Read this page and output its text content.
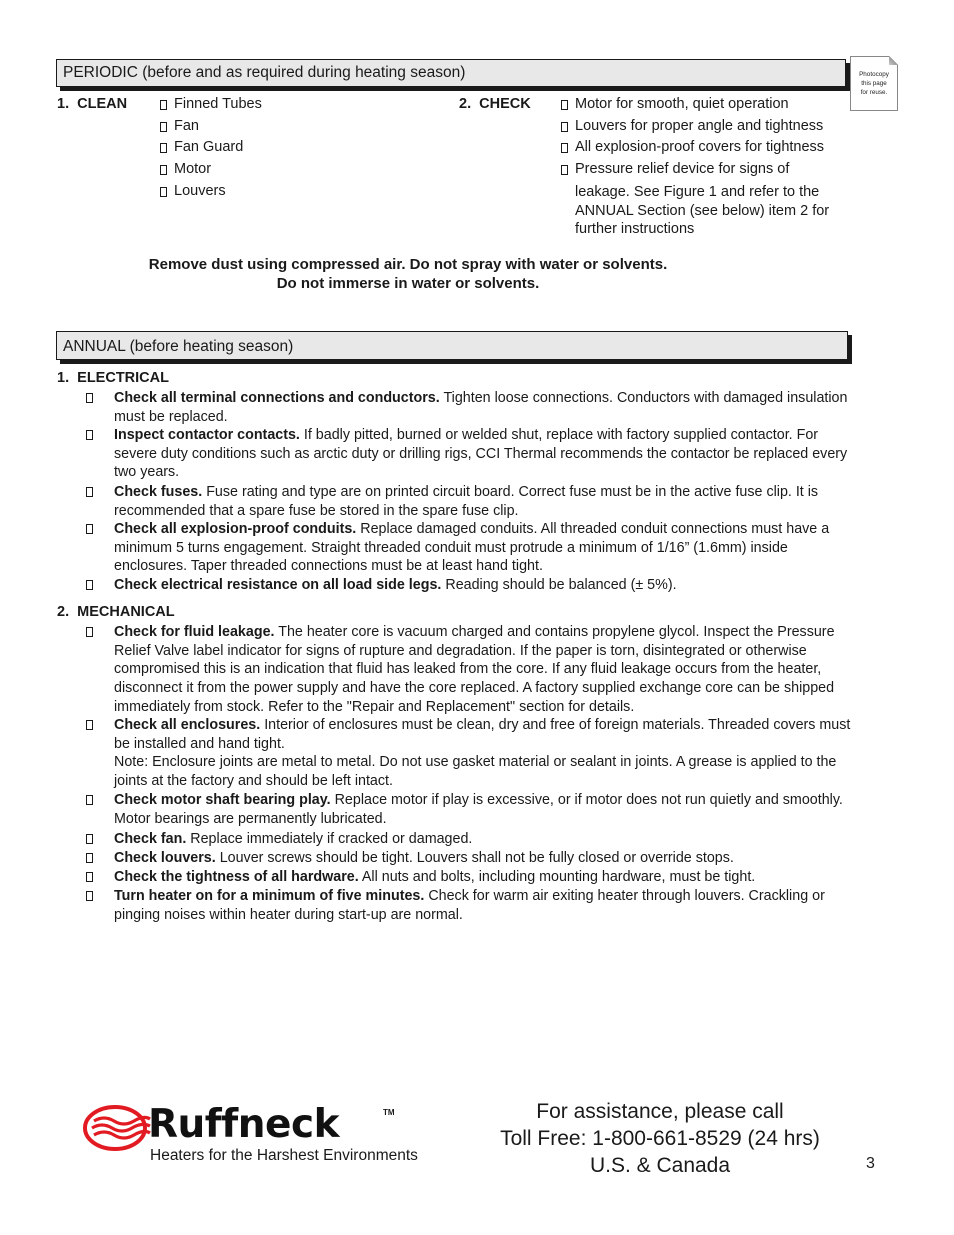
PERIODIC (before and as required during heating season)	Photocopy
this page
for reuse.
1.  CLEAN	Finned Tubes
Fan
Fan Guard
Motor
Louvers
2.  CHECK	Motor for smooth, quiet operation
Louvers for proper angle and tightness
All explosion-proof covers for tightness
Pressure relief device for signs of
leakage. See Figure 1 and refer to the ANNUAL Section (see below) item 2 for further instructions
Remove dust using compressed air. Do not spray with water or solvents.
Do not immerse in water or solvents.
ANNUAL (before heating season)
1.  ELECTRICAL
Check all terminal connections and conductors. Tighten loose connections. Conductors with damaged insulation must be replaced.
Inspect contactor contacts. If badly pitted, burned or welded shut, replace with factory supplied contactor. For severe duty conditions such as arctic duty or drilling rigs, CCI Thermal recommends the contactor be replaced every two years.
Check fuses. Fuse rating and type are on printed circuit board. Correct fuse must be in the active fuse clip. It is recommended that a spare fuse be stored in the spare fuse clip.
Check all explosion-proof conduits. Replace damaged conduits. All threaded conduit connections must have a minimum 5 turns engagement. Straight threaded conduit must protrude a minimum of 1/16” (1.6mm) inside enclosures. Taper threaded connections must be at least hand tight.
Check electrical resistance on all load side legs. Reading should be balanced (± 5%).
2.  MECHANICAL
Check for fluid leakage. The heater core is vacuum charged and contains propylene glycol. Inspect the Pressure Relief Valve label indicator for signs of rupture and degradation. If the paper is torn, disintegrated or otherwise compromised this is an indication that fluid has leaked from the core. If any fluid leakage occurs from the heater, disconnect it from the power supply and have the core replaced. A factory supplied exchange core can be shipped immediately from stock. Refer to the "Repair and Replacement" section for details.
Check all enclosures. Interior of enclosures must be clean, dry and free of foreign materials. Threaded covers must be installed and hand tight.
Note: Enclosure joints are metal to metal. Do not use gasket material or sealant in joints. A grease is applied to the joints at the factory and should be left intact.
Check motor shaft bearing play. Replace motor if play is excessive, or if motor does not run quietly and smoothly. Motor bearings are permanently lubricated.
Check fan. Replace immediately if cracked or damaged.
Check louvers. Louver screws should be tight. Louvers shall not be fully closed or override stops.
Check the tightness of all hardware. All nuts and bolts, including mounting hardware, must be tight.
Turn heater on for a minimum of five minutes. Check for warm air exiting heater through louvers. Crackling or pinging noises within heater during start-up are normal.
Ruffneck	TM
Heaters for the Harshest Environments
For assistance, please call
Toll Free: 1-800-661-8529 (24 hrs)
U.S. & Canada	3
